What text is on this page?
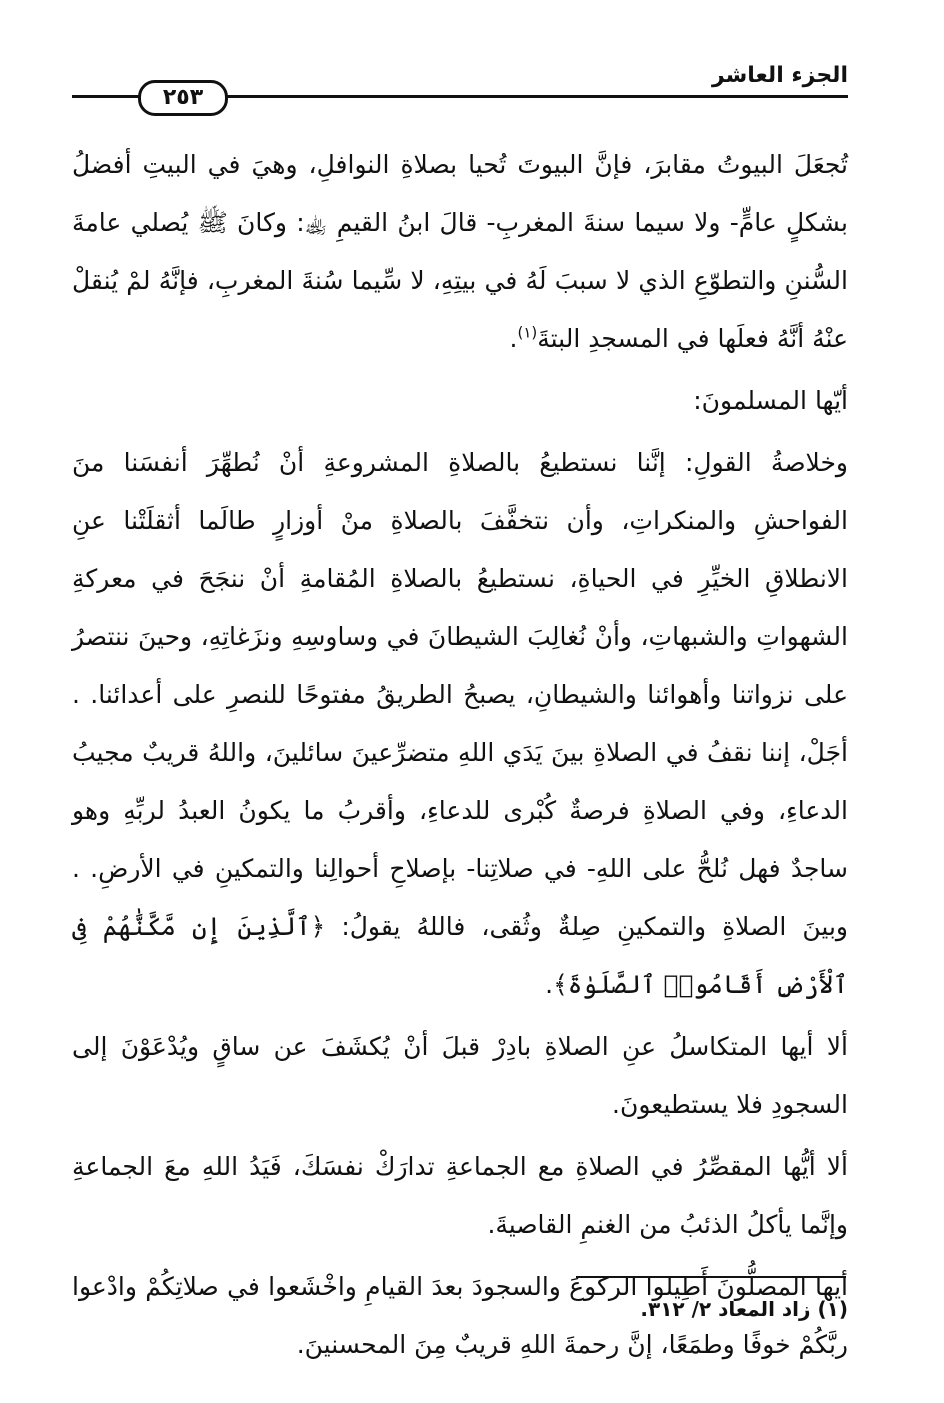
٢٥٣
الجزء العاشر

تُجعَلَ البيوتُ مقابرَ، فإنَّ البيوتَ تُحيا بصلاةِ النوافلِ، وهيَ في البيتِ أفضلُ بشكلٍ عامٍّ- ولا سيما سنةَ المغربِ- قالَ ابنُ القيمِ ﵀: وكانَ ﷺ يُصلي عامةَ السُّننِ والتطوّعِ الذي لا سببَ لَهُ في بيتِهِ، لا سِّيما سُنةَ المغربِ، فإنَّهُ لمْ يُنقلْ عنْهُ أنَّهُ فعلَها في المسجدِ البتةَ$^{(١)}$.

أيّها المسلمونَ:

وخلاصةُ القولِ: إنَّنا نستطيعُ بالصلاةِ المشروعةِ أنْ نُطهِّرَ أنفسَنا منَ الفواحشِ والمنكراتِ، وأن نتخفَّفَ بالصلاةِ منْ أوزارٍ طالَما أثقلَتْنا عنِ الانطلاقِ الخيِّرِ في الحياةِ، نستطيعُ بالصلاةِ المُقامةِ أنْ ننجَحَ في معركةِ الشهواتِ والشبهاتِ، وأنْ نُغالِبَ الشيطانَ في وساوسِهِ ونزَغاتِهِ، وحينَ ننتصرُ على نزواتنا وأهوائنا والشيطانِ، يصبحُ الطريقُ مفتوحًا للنصرِ على أعدائنا. . أجَلْ، إننا نقفُ في الصلاةِ بينَ يَدَي اللهِ متضرِّعينَ سائلينَ، واللهُ قريبٌ مجيبُ الدعاءِ، وفي الصلاةِ فرصةٌ كُبْرى للدعاءِ، وأقربُ ما يكونُ العبدُ لربِّهِ وهو ساجدٌ فهل نُلحُّ على اللهِ- في صلاتِنا- بإصلاحِ أحوالِنا والتمكينِ في الأرضِ. . وبينَ الصلاةِ والتمكينِ صِلةٌ وثُقى، فاللهُ يقولُ: ﴿ٱلَّذِينَ إِن مَّكَّنَّٰهُمْ فِى ٱلْأَرْضِ أَقَامُوا۟ ٱلصَّلَوٰةَ﴾.

ألا أيها المتكاسلُ عنِ الصلاةِ بادِرْ قبلَ أنْ يُكشَفَ عن ساقٍ ويُدْعَوْنَ إلى السجودِ فلا يستطيعونَ.

ألا أيُّها المقصِّرُ في الصلاةِ مع الجماعةِ تدارَكْ نفسَكَ، فَيَدُ اللهِ معَ الجماعةِ وإنَّما يأكلُ الذئبُ من الغنمِ القاصيةَ.

أيها المصلُّونَ أَطِيلوا الركوعَ والسجودَ بعدَ القيامِ واخْشَعوا في صلاتِكُمْ وادْعوا ربَّكُمْ خوفًا وطمَعًا، إنَّ رحمةَ اللهِ قريبٌ مِنَ المحسنينَ.

(١) زاد المعاد ٢/ ٣١٢.
